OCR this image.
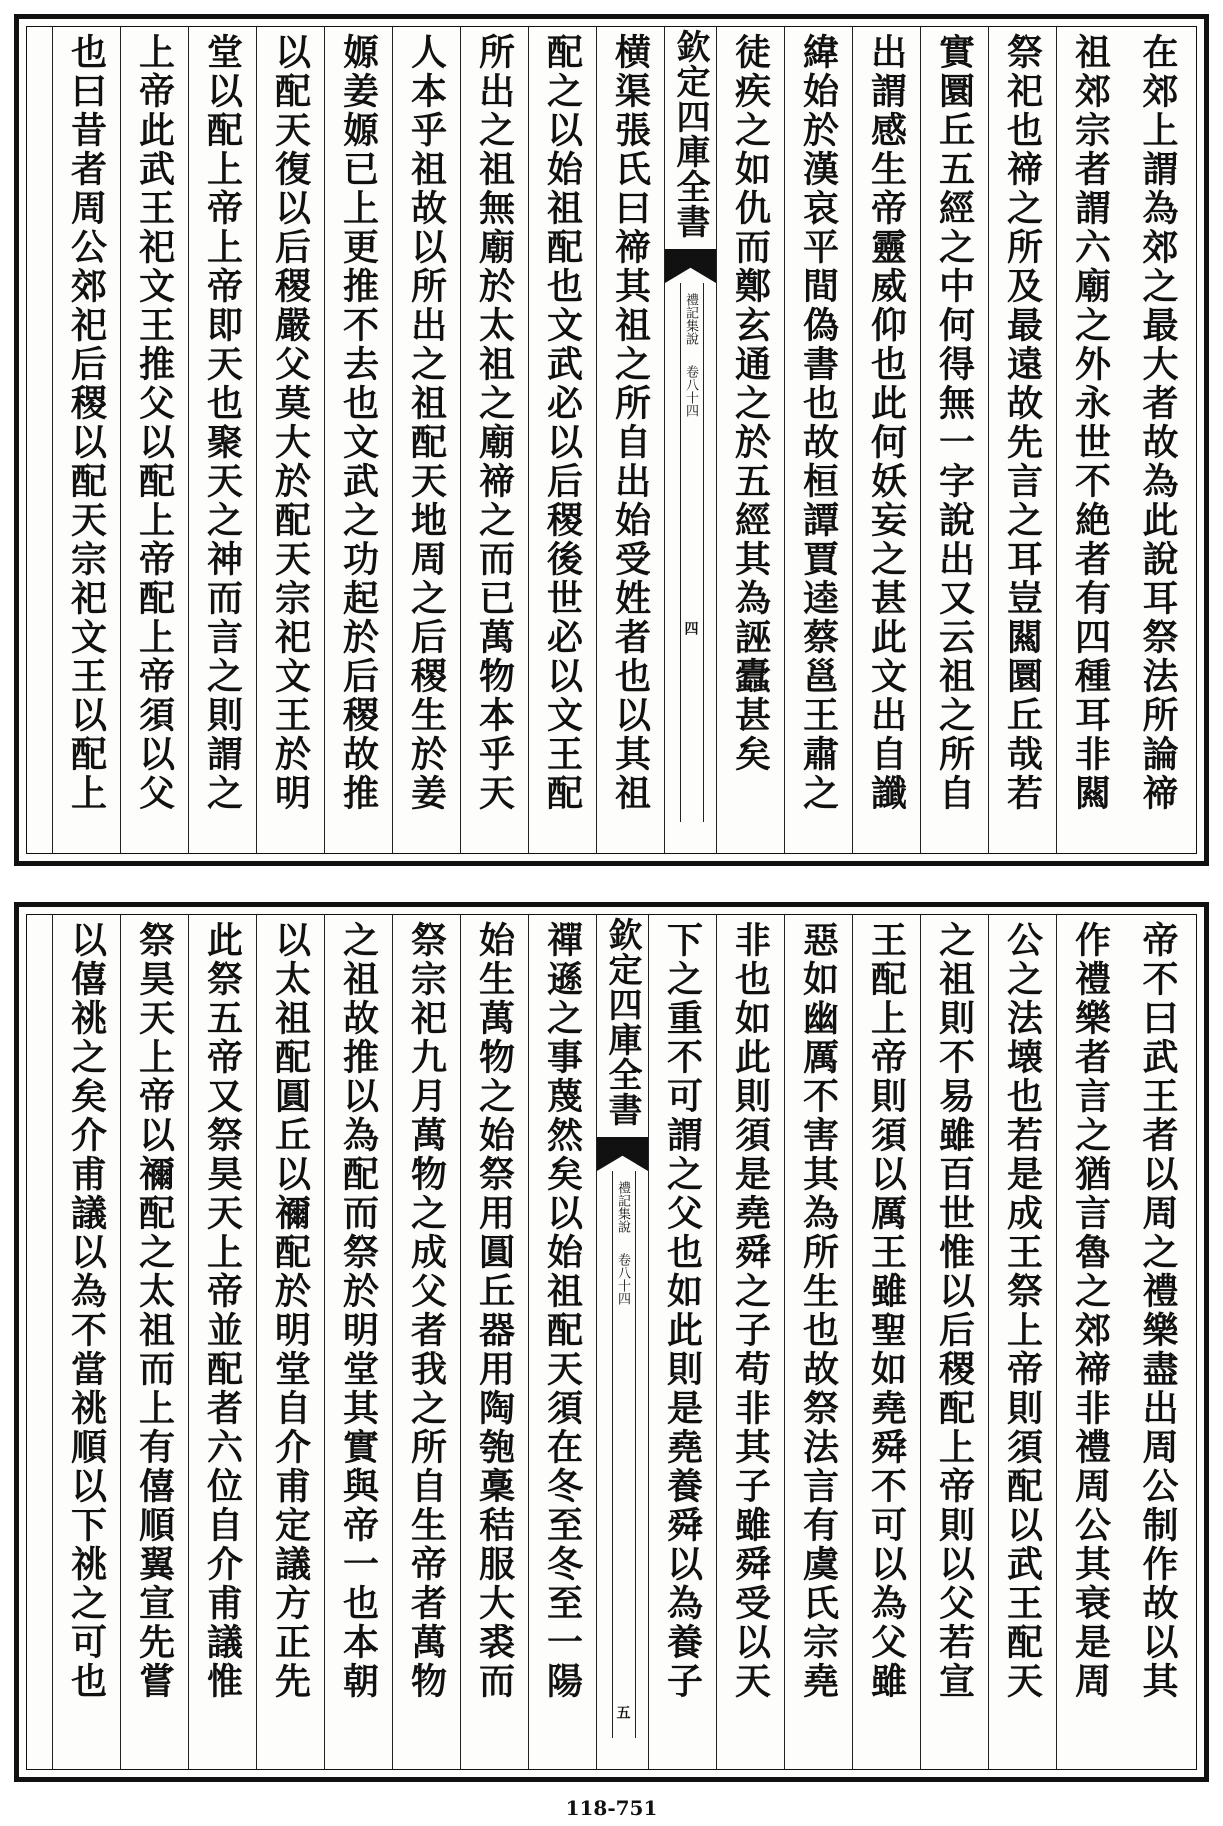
在郊上謂為郊之最大者故為此說耳祭法所論禘
祖郊宗者謂六廟之外永世不絶者有四種耳非闗
祭祀也禘之所及最遠故先言之耳豈闗圜丘哉若
實圜丘五經之中何得無一字說出又云祖之所自
出謂感生帝靈威仰也此何妖妄之甚此文出自讖
緯始於漢哀平間偽書也故桓譚賈逵蔡邕王肅之
徒疾之如仇而鄭玄通之於五經其為誣蠹甚矣
欽定四庫全書
禮記集說
卷八十四
四
横渠張氏曰禘其祖之所自出始受姓者也以其祖
配之以始祖配也文武必以后稷後世必以文王配
所出之祖無廟於太祖之廟禘之而已萬物本乎天
人本乎祖故以所出之祖配天地周之后稷生於姜
嫄姜嫄已上更推不去也文武之功起於后稷故推
以配天復以后稷嚴父莫大於配天宗祀文王於明
堂以配上帝上帝即天也聚天之神而言之則謂之
上帝此武王祀文王推父以配上帝配上帝須以父
也曰昔者周公郊祀后稷以配天宗祀文王以配上
帝不曰武王者以周之禮樂盡出周公制作故以其
作禮樂者言之猶言魯之郊禘非禮周公其衰是周
公之法壊也若是成王祭上帝則須配以武王配天
之祖則不易雖百世惟以后稷配上帝則以父若宣
王配上帝則須以厲王雖聖如堯舜不可以為父雖
惡如幽厲不害其為所生也故祭法言有虞氏宗堯
非也如此則須是堯舜之子苟非其子雖舜受以天
下之重不可謂之父也如此則是堯養舜以為養子
欽定四庫全書
禮記集說
卷八十四
五
禪遜之事蔑然矣以始祖配天須在冬至冬至一陽
始生萬物之始祭用圓丘器用陶匏稾秸服大裘而
祭宗祀九月萬物之成父者我之所自生帝者萬物
之祖故推以為配而祭於明堂其實與帝一也本朝
以太祖配圓丘以禰配於明堂自介甫定議方正先
此祭五帝又祭昊天上帝並配者六位自介甫議惟
祭昊天上帝以禰配之太祖而上有僖順翼宣先嘗
以僖祧之矣介甫議以為不當祧順以下祧之可也
118-751
